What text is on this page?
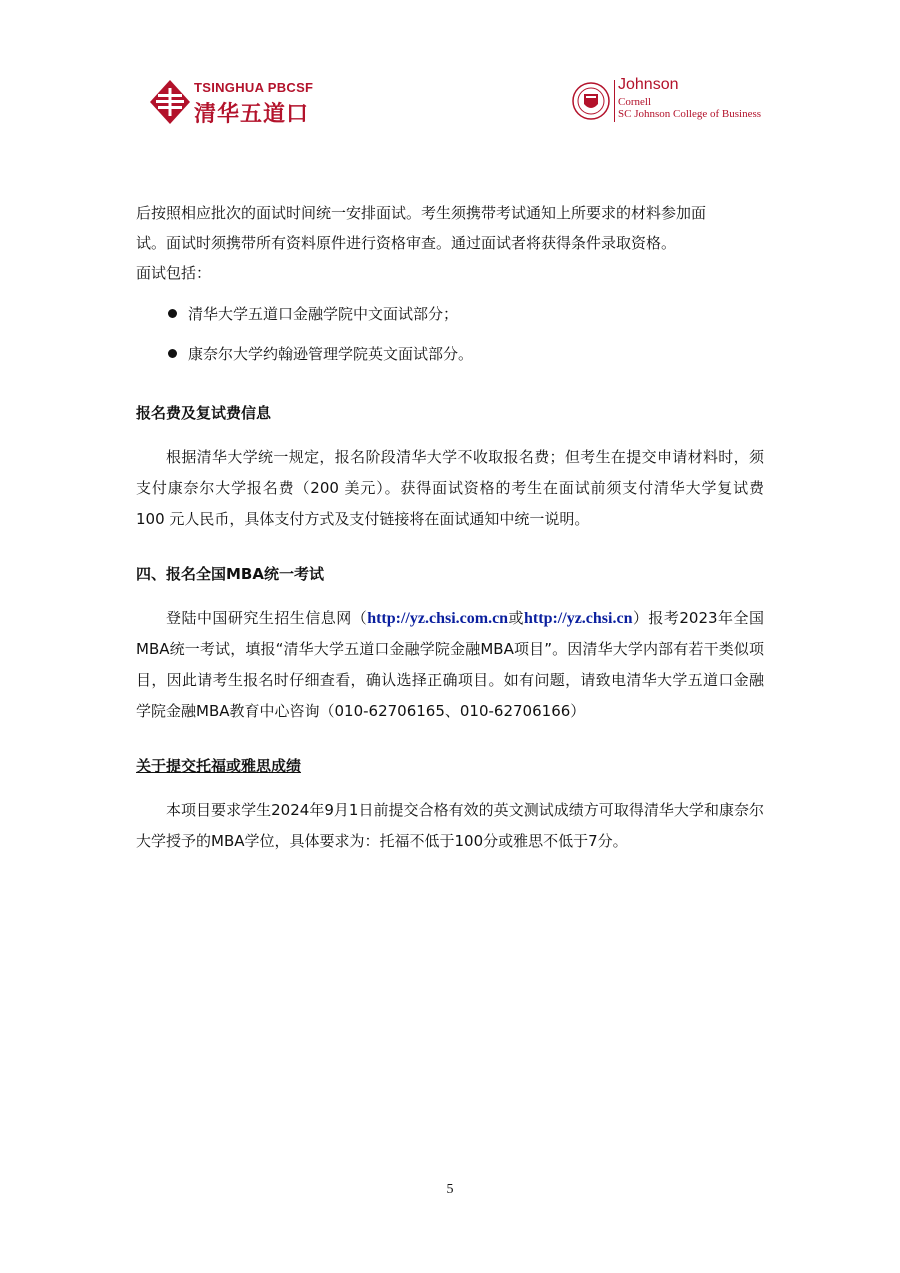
TSINGHUA PBCSF
清华五道口
Johnson
Cornell
SC Johnson College of Business

后按照相应批次的面试时间统一安排面试。考生须携带考试通知上所要求的材料参加面

试。面试时须携带所有资料原件进行资格审查。通过面试者将获得条件录取资格。

面试包括：

清华大学五道口金融学院中文面试部分；
康奈尔大学约翰逊管理学院英文面试部分。

报名费及复试费信息

根据清华大学统一规定，报名阶段清华大学不收取报名费；但考生在提交申请材料时，须支付康奈尔大学报名费（200 美元）。获得面试资格的考生在面试前须支付清华大学复试费 100 元人民币，具体支付方式及支付链接将在面试通知中统一说明。

四、报名全国MBA统一考试

登陆中国研究生招生信息网（http://yz.chsi.com.cn或http://yz.chsi.cn）报考2023年全国MBA统一考试，填报“清华大学五道口金融学院金融MBA项目”。因清华大学内部有若干类似项目，因此请考生报名时仔细查看，确认选择正确项目。如有问题，请致电清华大学五道口金融学院金融MBA教育中心咨询（010-62706165、010-62706166）

关于提交托福或雅思成绩

本项目要求学生2024年9月1日前提交合格有效的英文测试成绩方可取得清华大学和康奈尔大学授予的MBA学位，具体要求为：托福不低于100分或雅思不低于7分。

5
